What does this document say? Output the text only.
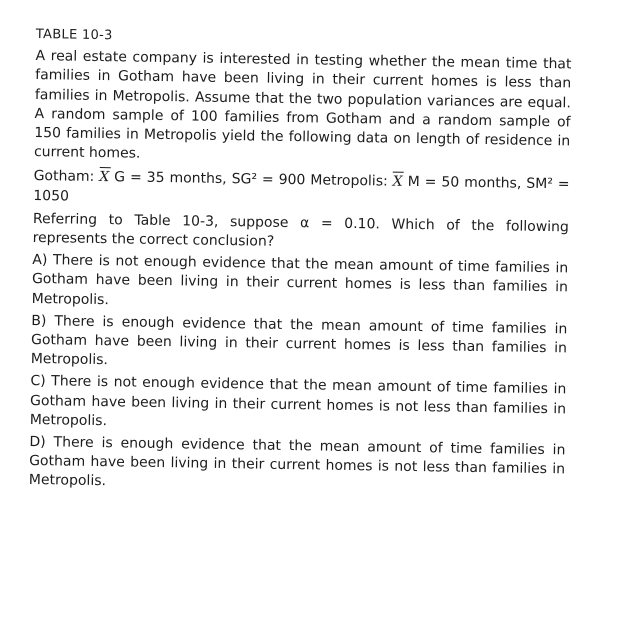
TABLE 10-3
A real estate company is interested in testing whether the mean time that families in Gotham have been living in their current homes is less than families in Metropolis. Assume that the two population variances are equal. A random sample of 100 families from Gotham and a random sample of 150 families in Metropolis yield the following data on length of residence in current homes.
Gotham: X G = 35 months, SG² = 900 Metropolis: X M = 50 months, SM² = 1050
Referring to Table 10-3, suppose α = 0.10. Which of the following represents the correct conclusion?
A) There is not enough evidence that the mean amount of time families in Gotham have been living in their current homes is less than families in Metropolis.
B) There is enough evidence that the mean amount of time families in Gotham have been living in their current homes is less than families in Metropolis.
C) There is not enough evidence that the mean amount of time families in Gotham have been living in their current homes is not less than families in Metropolis.
D) There is enough evidence that the mean amount of time families in Gotham have been living in their current homes is not less than families in Metropolis.
